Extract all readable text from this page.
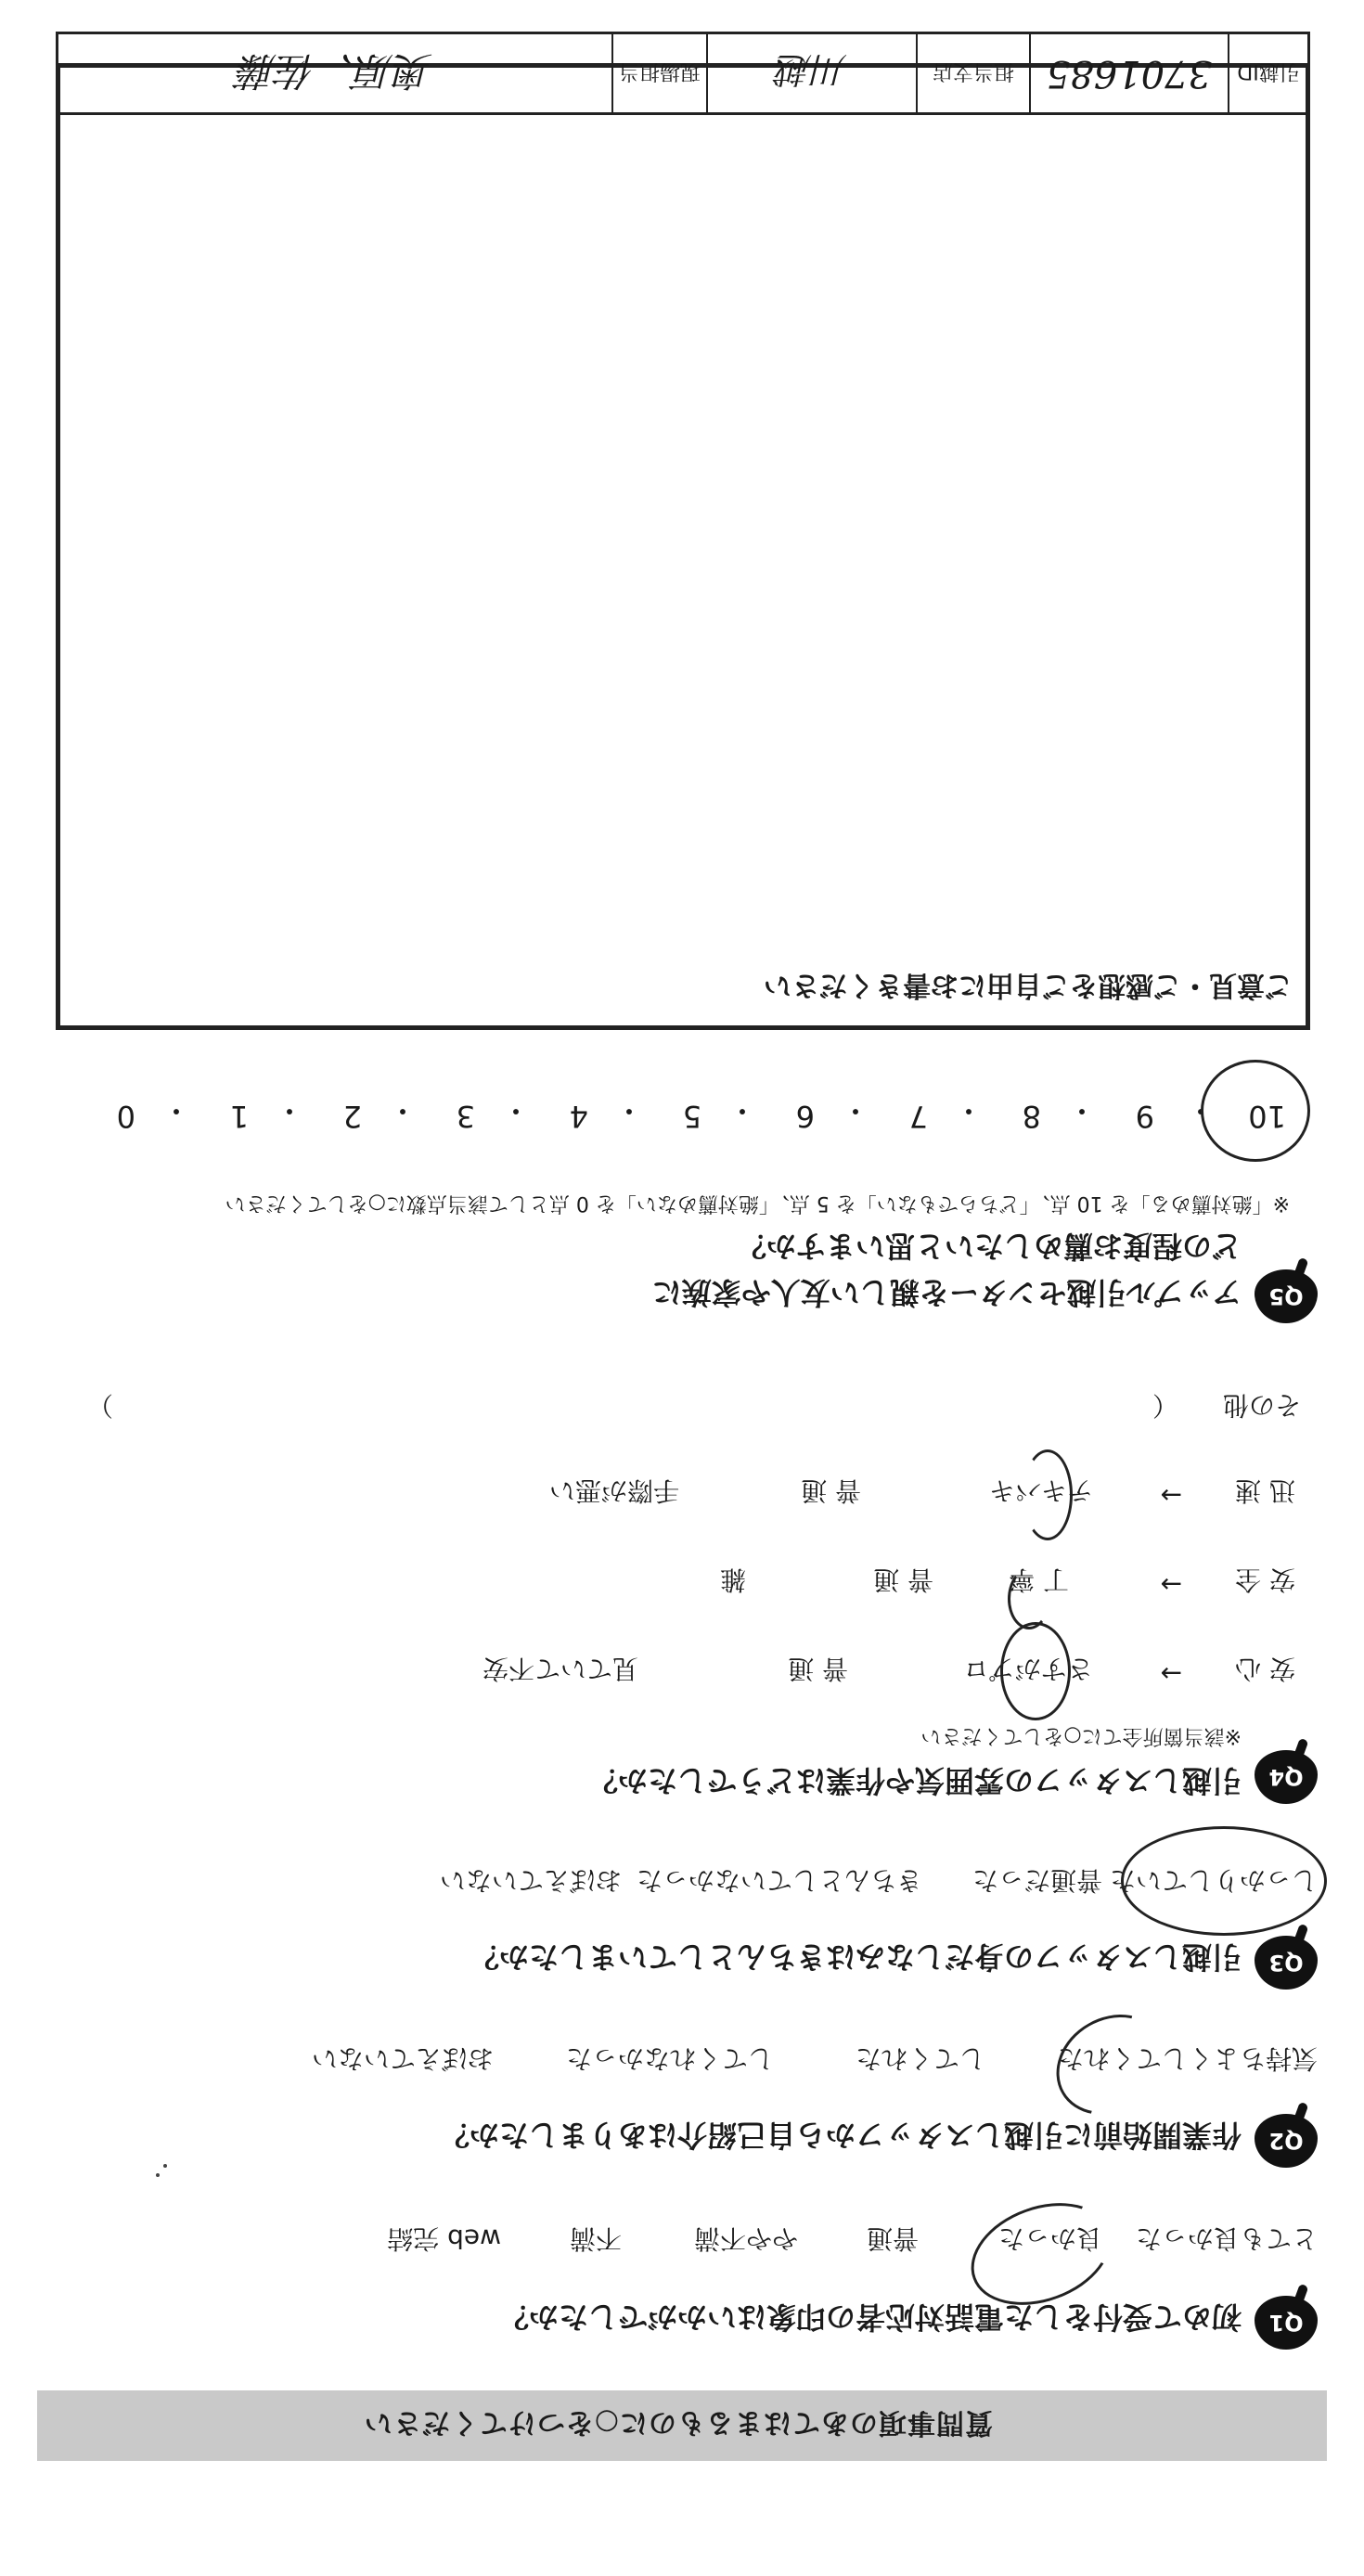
質問事項のあてはまるものに○をつけてください
Q1
初めて受付をした電話対応者の印象はいかがでしたか？
とても良かった
良かった
普通
やや不満
不満
web 完結
Q2
作業開始前に引越しスタッフから自己紹介はありましたか？
気持ちよくしてくれた
してくれた
してくれなかった
おぼえていない
Q3
引越しスタッフの身だしなみはきちんとしていましたか？
しっかりしていた
普通だった
きちんとしていなかった
おぼえていない
Q4
引越しスタッフの雰囲気や作業はどうでしたか？
※該当箇所全てに○をしてください
安 心
→
さすがプロ
普 通
見ていて不安
安 全
→
丁 寧
普 通
雑
迅 速
→
テキパキ
普 通
手際が悪い
その他
（
）
Q5
アップル引越センターを親しい友人や家族に
どの程度お薦めしたいと思いますか？
※「絶対薦める」を 10 点、「どちらでもない」を 5 点、「絶対薦めない」を 0 点として該当点数に○をしてください
10
9
8
7
6
5
4
3
2
1
0	・
・
・
・
・
・
・
・
・
・
ご意見・ご感想をご自由にお書きください
引越ID
3701685
担当支店
川越
現場担当
奥原、佐藤
